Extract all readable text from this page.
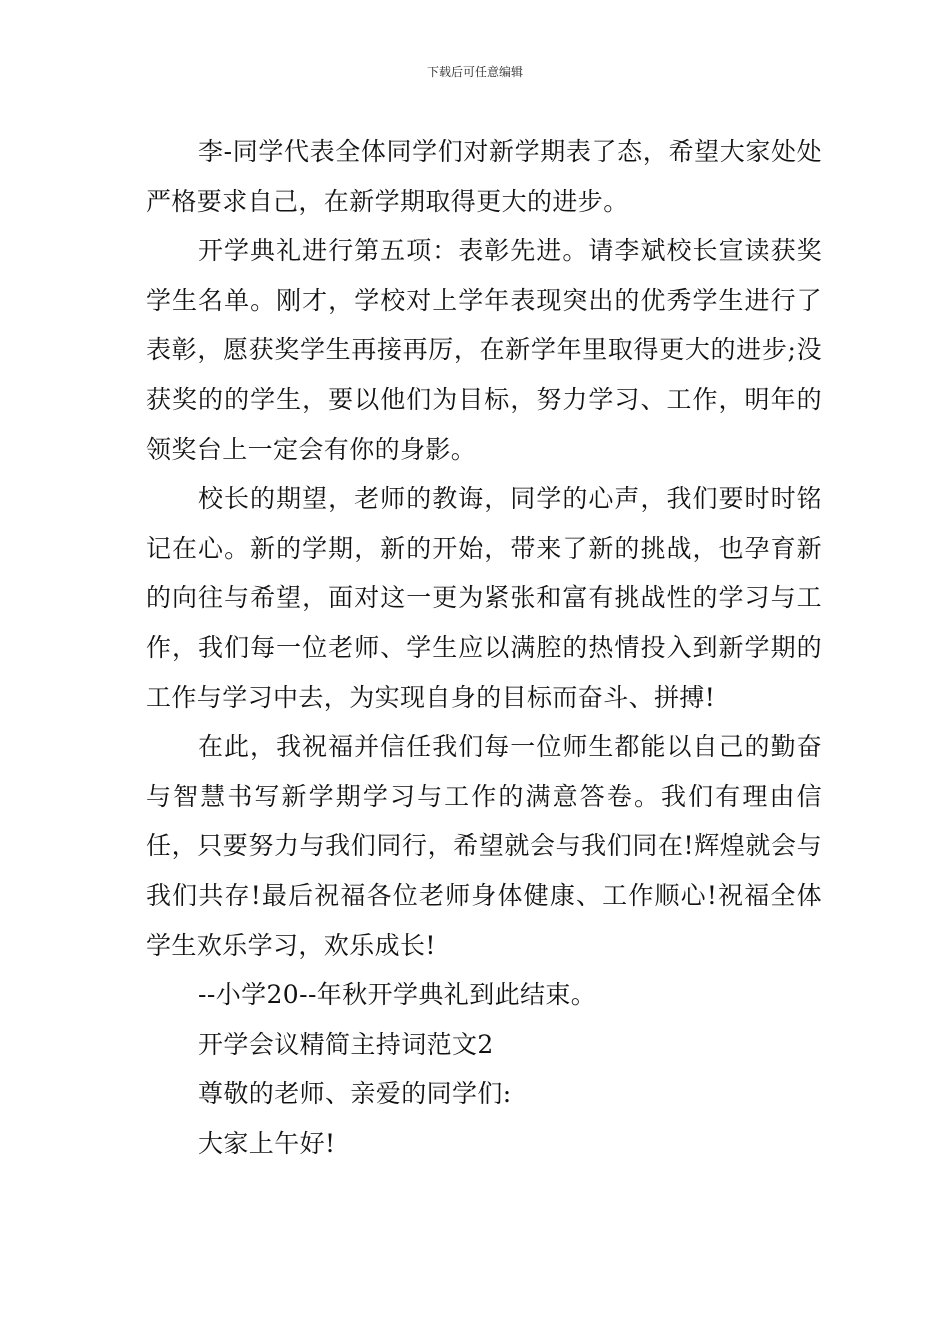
下载后可任意编辑

李-同学代表全体同学们对新学期表了态，希望大家处处严格要求自己，在新学期取得更大的进步。

开学典礼进行第五项：表彰先进。请李斌校长宣读获奖学生名单。刚才，学校对上学年表现突出的优秀学生进行了表彰，愿获奖学生再接再厉，在新学年里取得更大的进步;没获奖的的学生，要以他们为目标，努力学习、工作，明年的领奖台上一定会有你的身影。

校长的期望，老师的教诲，同学的心声，我们要时时铭记在心。新的学期，新的开始，带来了新的挑战，也孕育新的向往与希望，面对这一更为紧张和富有挑战性的学习与工作，我们每一位老师、学生应以满腔的热情投入到新学期的工作与学习中去，为实现自身的目标而奋斗、拼搏!

在此，我祝福并信任我们每一位师生都能以自己的勤奋与智慧书写新学期学习与工作的满意答卷。我们有理由信任，只要努力与我们同行，希望就会与我们同在!辉煌就会与我们共存!最后祝福各位老师身体健康、工作顺心!祝福全体学生欢乐学习，欢乐成长!

--小学20--年秋开学典礼到此结束。

开学会议精简主持词范文2

尊敬的老师、亲爱的同学们:

大家上午好!
